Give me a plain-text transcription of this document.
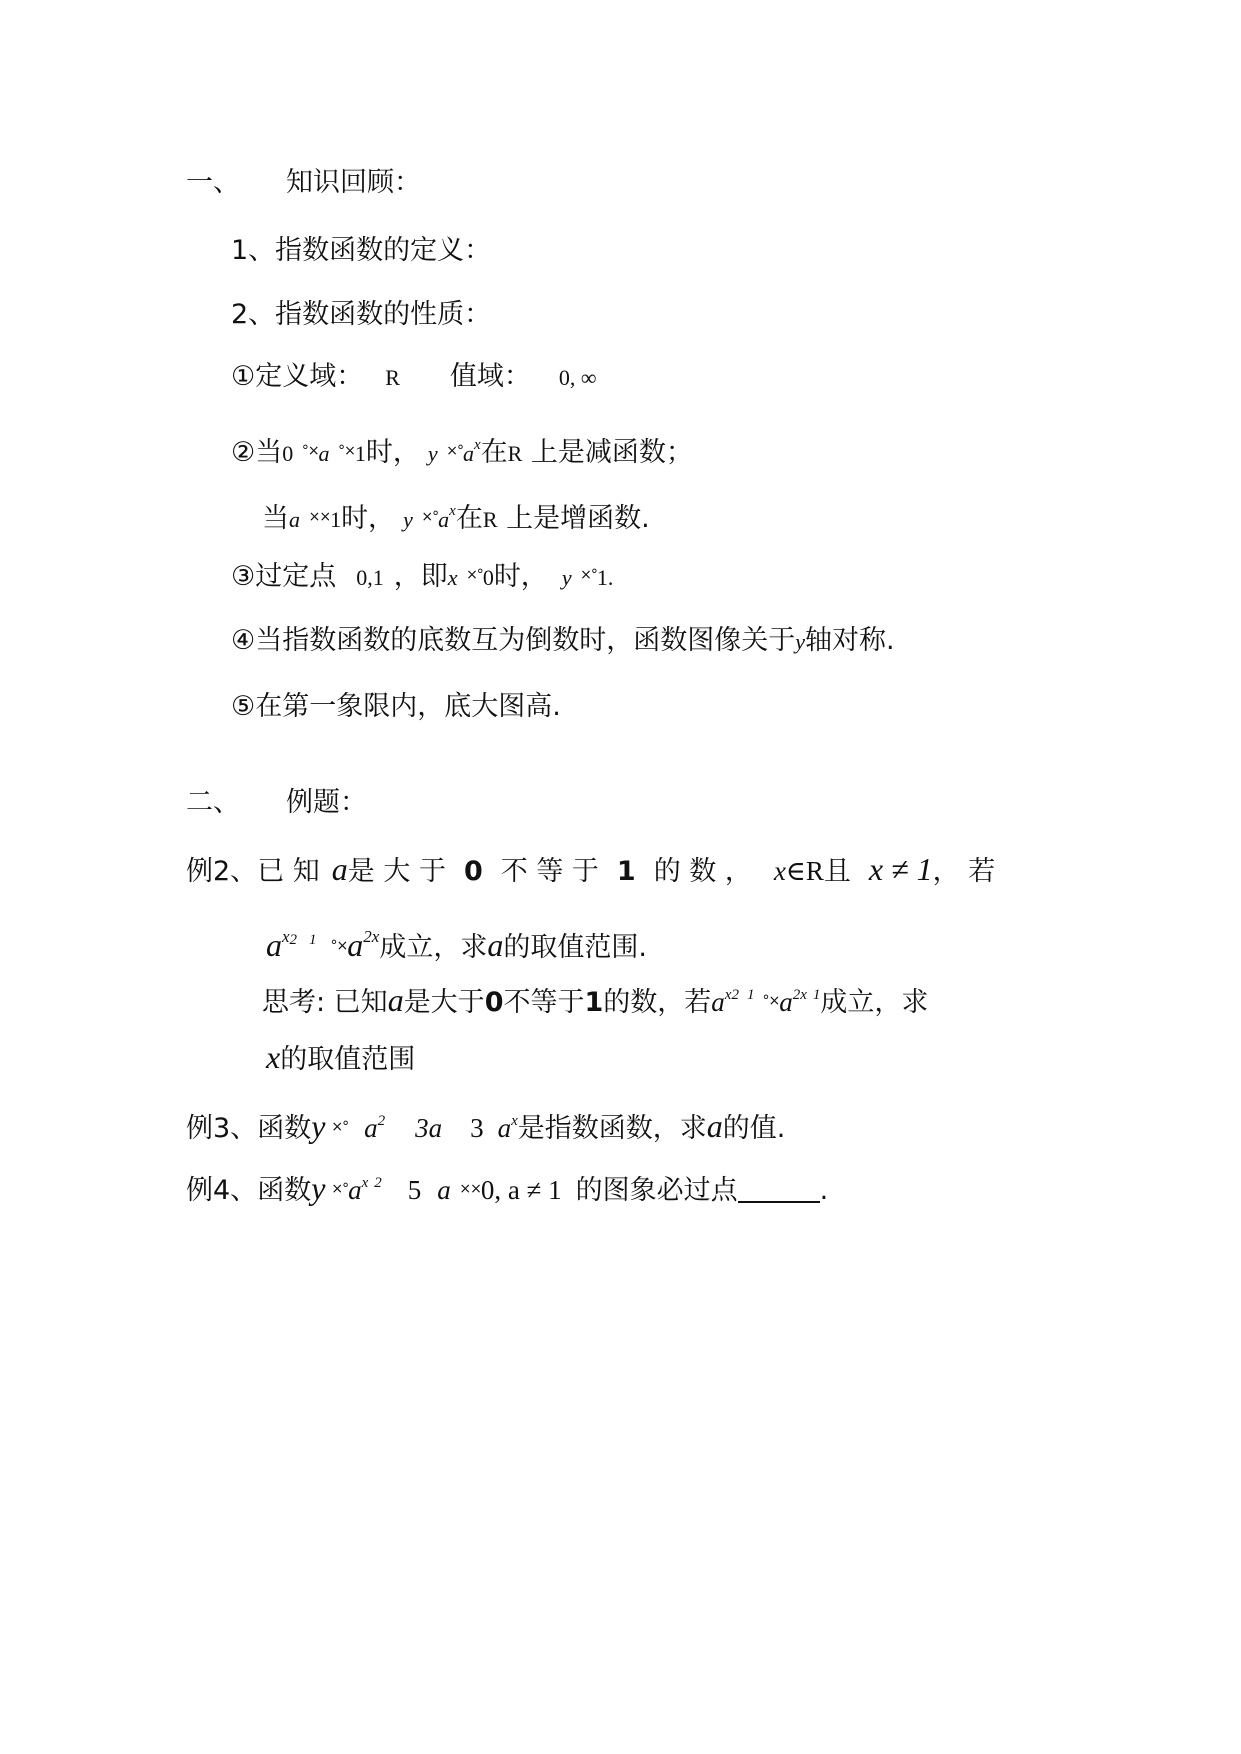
一、 知识回顾：
1、指数函数的定义：
2、指数函数的性质：
①定义域： R 值域： 0, ∞
②当0 °×a °×1时， y $^{\times^\circ}a^x$在R 上是减函数；
当a ××1时， y $^{\times^\circ}a^x$在R 上是增函数.
③过定点 0,1 ，即x ×°0时， y ×°1.
④当指数函数的底数互为倒数时，函数图像关于y轴对称.
⑤在第一象限内，底大图高.
二、 例题：
例2、已 知 a是 大 于 0 不 等 于 1 的 数 ， x∈R且 x ≠ 1， 若
$a^{x2}$ $^1$ $^{^\circ\times}a^{2x}$成立，求a的取值范围.
思考: 已知a是大于0不等于1的数，若$a^{x2}$ $^1$ $^{^\circ\times}a^{2x}$ $^1$成立，求
x的取值范围
例3、函数y ×° $a^2$ 3a 3 $a^x$是指数函数，求a的值.
例4、函数y $^{\times^\circ}a^x$ $^2$ 5 a ××0, a ≠ 1 的图象必过点	.
